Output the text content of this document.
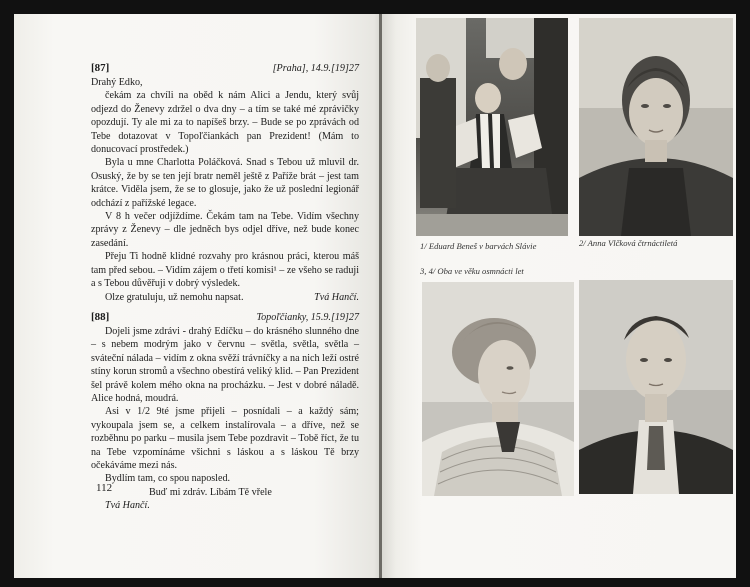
[87]	[Praha], 14.9.[19]27

Drahý Edko,

čekám za chvíli na oběd k nám Alici a Jendu, který svůj odjezd do Ženevy zdržel o dva dny – a tím se také mé zprávičky opozdují. Ty ale mi za to napíšeš brzy. – Bude se po zprávách od Tebe dotazovat v Topoľčiankách pan Prezident! (Mám to donucovací prostředek.)

Byla u mne Charlotta Poláčková. Snad s Tebou už mluvil dr. Osuský, že by se ten její bratr neměl ještě z Paříže brát – jest tam krátce. Viděla jsem, že se to glosuje, jako že už poslední legionář odchází z pařížské legace.

V 8 h večer odjíždíme. Čekám tam na Tebe. Vidím všechny zprávy z Ženevy – dle jedněch bys odjel dříve, než bude konec zasedání.

Přeju Ti hodně klidné rozvahy pro krásnou práci, kterou máš tam před sebou. – Vidím zájem o třetí komisi¹ – ze všeho se raduji a s Tebou důvěřuji v dobrý výsledek.

Olze gratuluju, už nemohu napsat.	Tvá Hančí.
[88]	Topoľčianky, 15.9.[19]27

Dojeli jsme zdrávi - drahý Edíčku – do krásného slunného dne – s nebem modrým jako v červnu – světla, světla, světla – sváteční nálada – vidím z okna svěží trávníčky a na nich leží ostré stíny korun stromů a všechno obestírá veliký klid. – Pan Prezident šel právě kolem mého okna na procházku. – Jest v dobré náladě. Alice hodná, moudrá.

Asi v 1/2 9té jsme přijeli – posnídali – a každý sám; vykoupala jsem se, a celkem instalírovala – a dříve, než se rozběhnu po parku – musila jsem Tebe pozdravit – Tobě říct, že tu na Tebe vzpomínáme všichni s láskou a s láskou Tě brzy očekáváme mezi nás.

Bydlím tam, co spou naposled.

Buď mi zdráv. Líbám Tě vřele

Tvá Hančí.

112
1/ Eduard Beneš v barvách Slávie	2/ Anna Vlčková čtrnáctiletá
3, 4/ Oba ve věku osmnácti let
